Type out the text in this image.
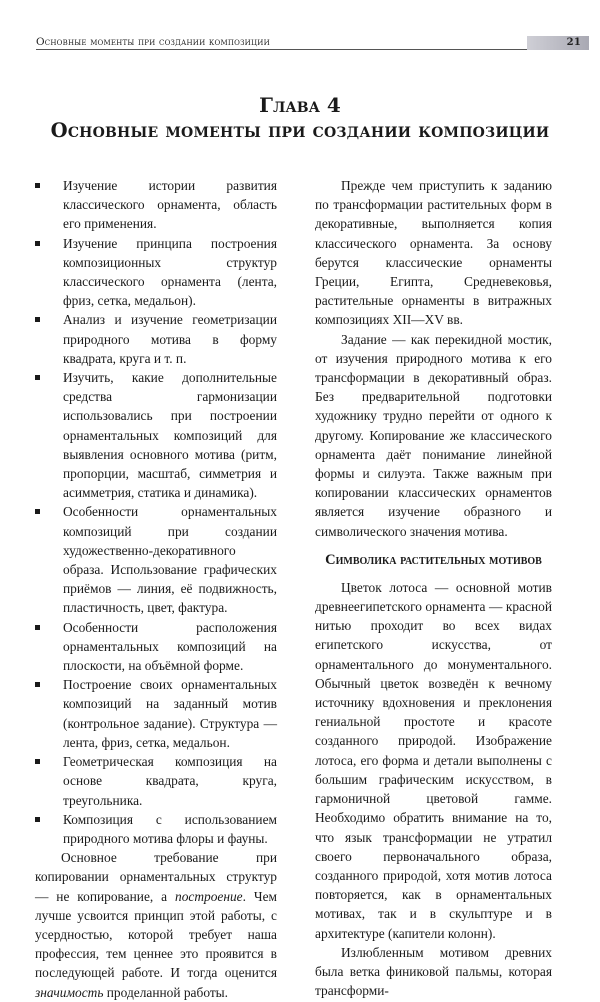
Основные моменты при создании композиции	21
Глава 4
Основные моменты при создании композиции
Изучение истории развития классического орнамента, область его применения.
Изучение принципа построения композиционных структур классического орнамента (лента, фриз, сетка, медальон).
Анализ и изучение геометризации природного мотива в форму квадрата, круга и т. п.
Изучить, какие дополнительные средства гармонизации использовались при построении орнаментальных композиций для выявления основного мотива (ритм, пропорции, масштаб, симметрия и асимметрия, статика и динамика).
Особенности орнаментальных композиций при создании художественно-декоративного образа. Использование графических приёмов — линия, её подвижность, пластичность, цвет, фактура.
Особенности расположения орнаментальных композиций на плоскости, на объёмной форме.
Построение своих орнаментальных композиций на заданный мотив (контрольное задание). Структура — лента, фриз, сетка, медальон.
Геометрическая композиция на основе квадрата, круга, треугольника.
Композиция с использованием природного мотива флоры и фауны.

Основное требование при копировании орнаментальных структур — не копирование, а построение. Чем лучше усвоится принцип этой работы, с усердностью, которой требует наша профессия, тем ценнее это проявится в последующей работе. И тогда оценится значимость проделанной работы.

Прежде чем приступить к заданию по трансформации растительных форм в декоративные, выполняется копия классического орнамента. За основу берутся классические орнаменты Греции, Египта, Средневековья, растительные орнаменты в витражных композициях XII—XV вв.

Задание — как перекидной мостик, от изучения природного мотива к его трансформации в декоративный образ. Без предварительной подготовки художнику трудно перейти от одного к другому. Копирование же классического орнамента даёт понимание линейной формы и силуэта. Также важным при копировании классических орнаментов является изучение образного и символического значения мотива.

Символика растительных мотивов

Цветок лотоса — основной мотив древнеегипетского орнамента — красной нитью проходит во всех видах египетского искусства, от орнаментального до монументального. Обычный цветок возведён к вечному источнику вдохновения и преклонения гениальной простоте и красоте созданного природой. Изображение лотоса, его форма и детали выполнены с большим графическим искусством, в гармоничной цветовой гамме. Необходимо обратить внимание на то, что язык трансформации не утратил своего первоначального образа, созданного природой, хотя мотив лотоса повторяется, как в орнаментальных мотивах, так и в скульптуре и в архитектуре (капители колонн).

Излюбленным мотивом древних была ветка финиковой пальмы, которая трансформи-
